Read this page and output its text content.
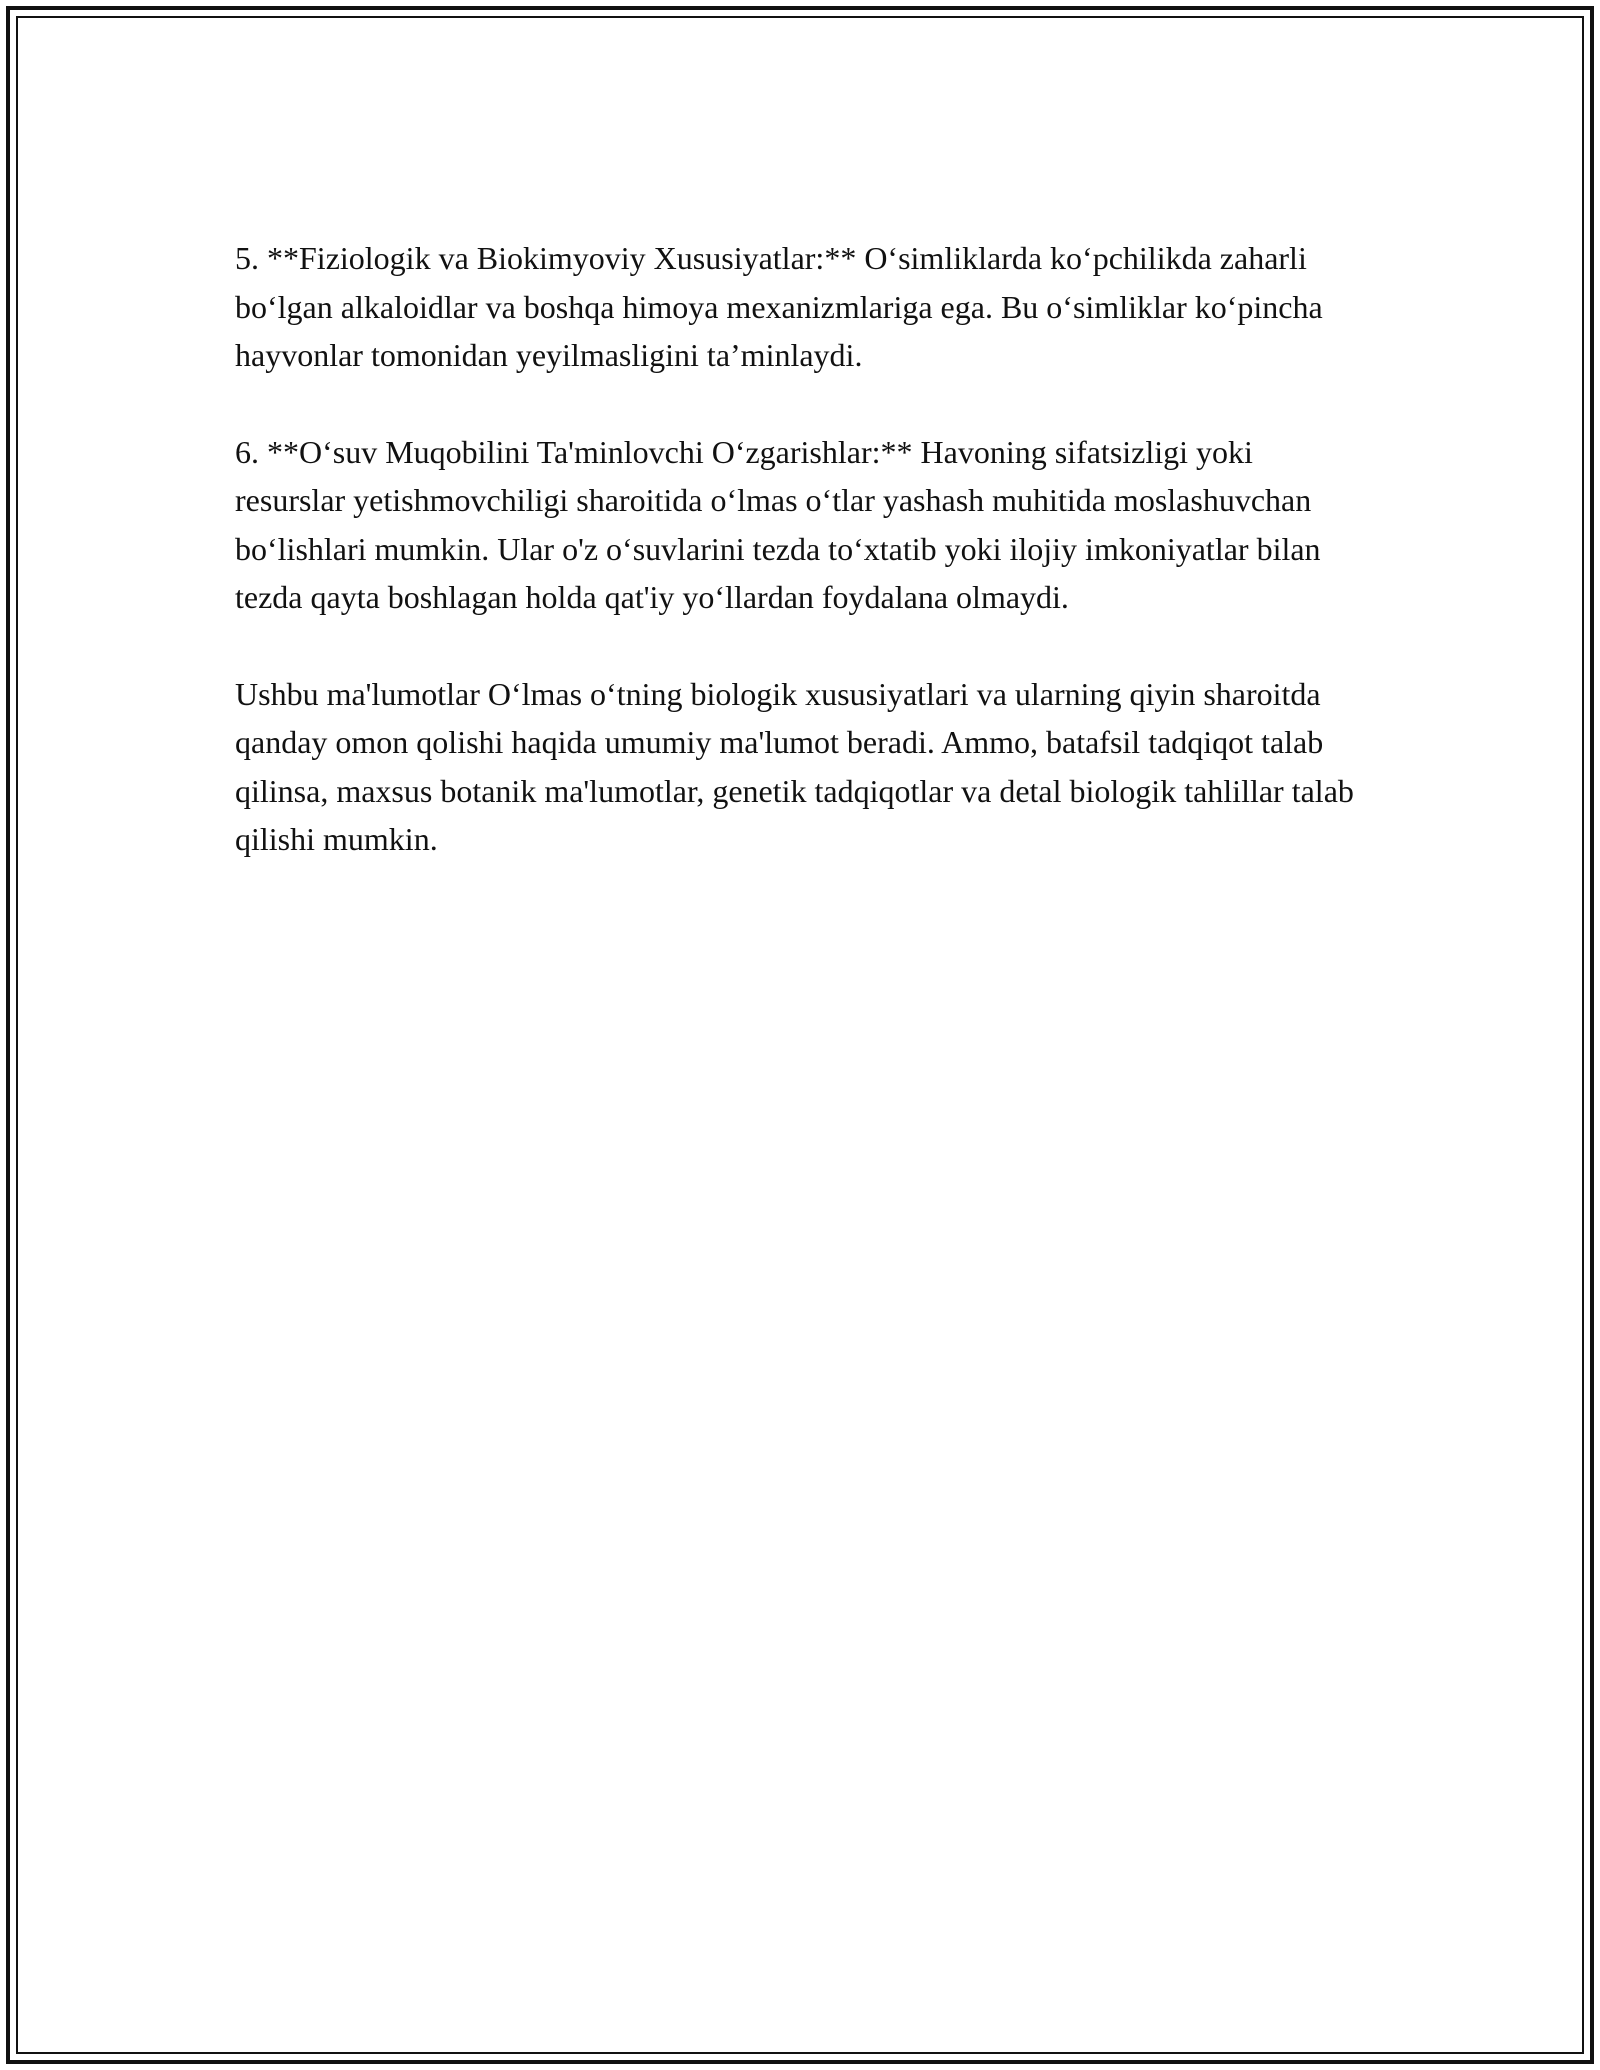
5. **Fiziologik va Biokimyoviy Xususiyatlar:** O‘simliklarda ko‘pchilikda zaharli bo‘lgan alkaloidlar va boshqa himoya mexanizmlariga ega. Bu o‘simliklar ko‘pincha hayvonlar tomonidan yeyilmasligini ta’minlaydi.

6. **O‘suv Muqobilini Ta'minlovchi O‘zgarishlar:** Havoning sifatsizligi yoki resurslar yetishmovchiligi sharoitida o‘lmas o‘tlar yashash muhitida moslashuvchan bo‘lishlari mumkin. Ular o'z o‘suvlarini tezda to‘xtatib yoki ilojiy imkoniyatlar bilan tezda qayta boshlagan holda qat'iy yo‘llardan foydalana olmaydi.

Ushbu ma'lumotlar O‘lmas o‘tning biologik xususiyatlari va ularning qiyin sharoitda qanday omon qolishi haqida umumiy ma'lumot beradi. Ammo, batafsil tadqiqot talab qilinsa, maxsus botanik ma'lumotlar, genetik tadqiqotlar va detal biologik tahlillar talab qilishi mumkin.
